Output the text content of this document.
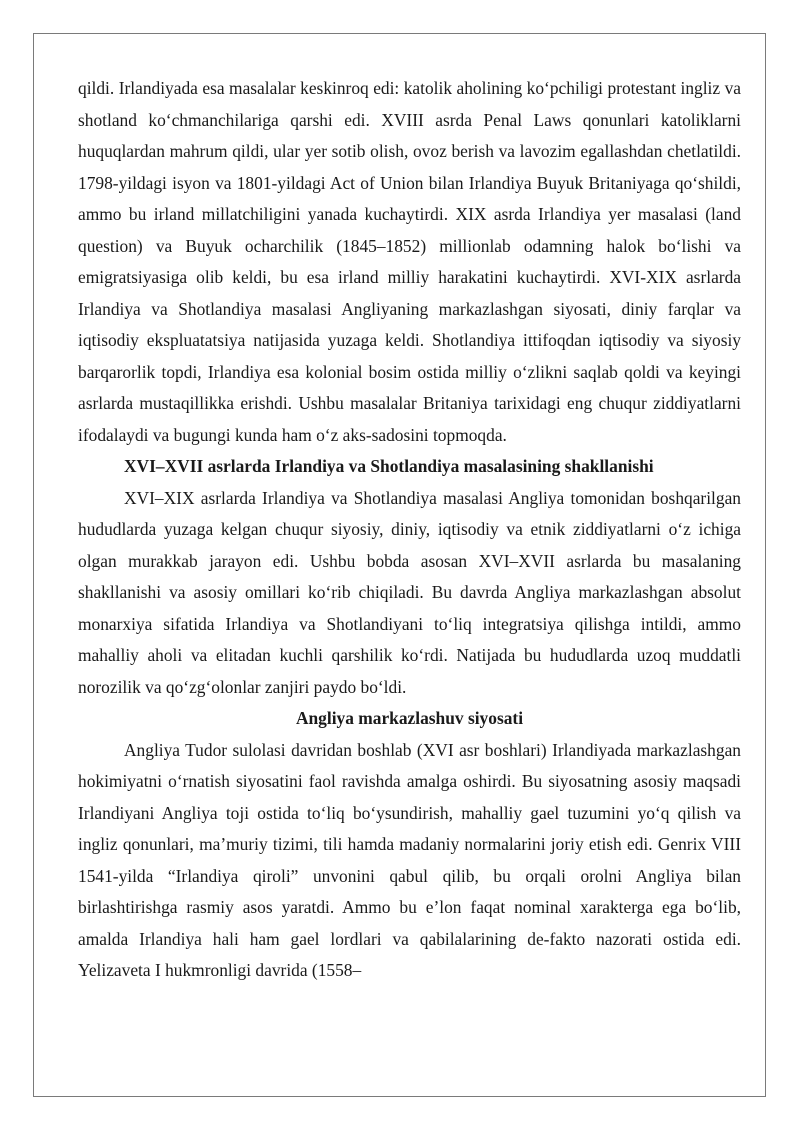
qildi. Irlandiyada esa masalalar keskinroq edi: katolik aholining koʻpchiligi protestant ingliz va shotland koʻchmanchilariga qarshi edi. XVIII asrda Penal Laws qonunlari katoliklarni huquqlardan mahrum qildi, ular yer sotib olish, ovoz berish va lavozim egallashdan chetlatildi. 1798-yildagi isyon va 1801-yildagi Act of Union bilan Irlandiya Buyuk Britaniyaga qoʻshildi, ammo bu irland millatchiligini yanada kuchaytirdi. XIX asrda Irlandiya yer masalasi (land question) va Buyuk ocharchilik (1845–1852) millionlab odamning halok boʻlishi va emigratsiyasiga olib keldi, bu esa irland milliy harakatini kuchaytirdi. XVI-XIX asrlarda Irlandiya va Shotlandiya masalasi Angliyaning markazlashgan siyosati, diniy farqlar va iqtisodiy ekspluatatsiya natijasida yuzaga keldi. Shotlandiya ittifoqdan iqtisodiy va siyosiy barqarorlik topdi, Irlandiya esa kolonial bosim ostida milliy oʻzlikni saqlab qoldi va keyingi asrlarda mustaqillikka erishdi. Ushbu masalalar Britaniya tarixidagi eng chuqur ziddiyatlarni ifodalaydi va bugungi kunda ham oʻz aks-sadosini topmoqda.

XVI–XVII asrlarda Irlandiya va Shotlandiya masalasining shakllanishi

XVI–XIX asrlarda Irlandiya va Shotlandiya masalasi Angliya tomonidan boshqarilgan hududlarda yuzaga kelgan chuqur siyosiy, diniy, iqtisodiy va etnik ziddiyatlarni oʻz ichiga olgan murakkab jarayon edi. Ushbu bobda asosan XVI–XVII asrlarda bu masalaning shakllanishi va asosiy omillari koʻrib chiqiladi. Bu davrda Angliya markazlashgan absolut monarxiya sifatida Irlandiya va Shotlandiyani toʻliq integratsiya qilishga intildi, ammo mahalliy aholi va elitadan kuchli qarshilik koʻrdi. Natijada bu hududlarda uzoq muddatli norozilik va qoʻzgʻolonlar zanjiri paydo boʻldi.

Angliya markazlashuv siyosati

Angliya Tudor sulolasi davridan boshlab (XVI asr boshlari) Irlandiyada markazlashgan hokimiyatni oʻrnatish siyosatini faol ravishda amalga oshirdi. Bu siyosatning asosiy maqsadi Irlandiyani Angliya toji ostida toʻliq boʻysundirish, mahalliy gael tuzumini yoʻq qilish va ingliz qonunlari, maʼmuriy tizimi, tili hamda madaniy normalarini joriy etish edi. Genrix VIII 1541-yilda “Irlandiya qiroli” unvonini qabul qilib, bu orqali orolni Angliya bilan birlashtirishga rasmiy asos yaratdi. Ammo bu eʼlon faqat nominal xarakterga ega boʻlib, amalda Irlandiya hali ham gael lordlari va qabilalarining de-fakto nazorati ostida edi. Yelizaveta I hukmronligi davrida (1558–
